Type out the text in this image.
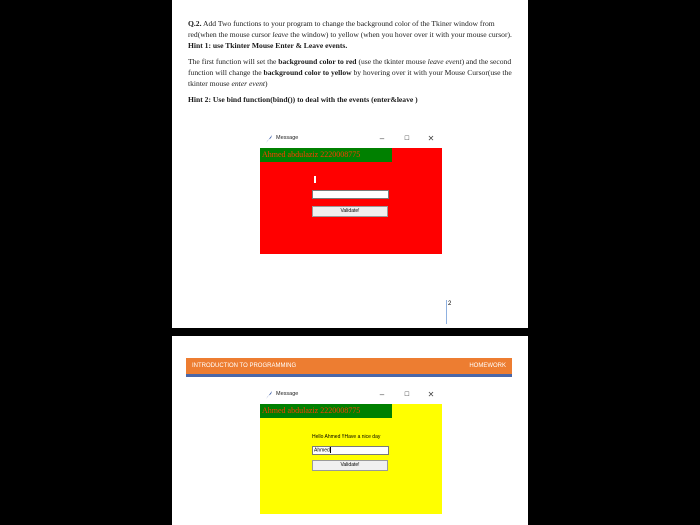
Q.2. Add Two functions to your program to change the background color of the Tkiner window from red(when the mouse cursor leave the window) to yellow (when you hover over it with your mouse cursor). Hint 1: use Tkinter Mouse Enter & Leave events.

The first function will set the background color to red (use the tkinter mouse leave event) and the second function will change the background color to yellow by hovering over it with your Mouse Cursor(use the tkinter mouse enter event)

Hint 2: Use bind function(bind()) to deal with the events (enter&leave )

Message	–	☐	✕
Ahmed abdulaziz 2220008775
Validate!
2
INTRODUCTION TO PROGRAMMING	HOMEWORK
Message	–	☐	✕
Ahmed abdulaziz 2220008775
Hello Ahmed !!Have a nice day
Ahmed
Validate!
